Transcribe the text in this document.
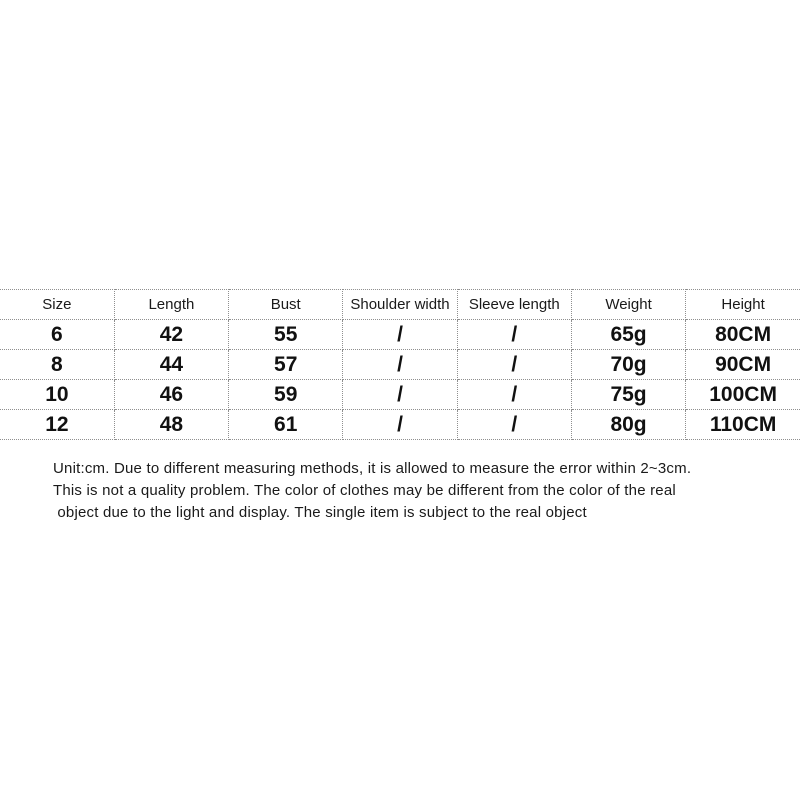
Size	Length	Bust	Shoulder width	Sleeve length	Weight	Height
6	42	55	/	/	65g	80CM
8	44	57	/	/	70g	90CM
10	46	59	/	/	75g	100CM
12	48	61	/	/	80g	110CM
Unit:cm. Due to different measuring methods, it is allowed to measure the error within 2~3cm.
This is not a quality problem. The color of clothes may be different from the color of the real
object due to the light and display. The single item is subject to the real object
